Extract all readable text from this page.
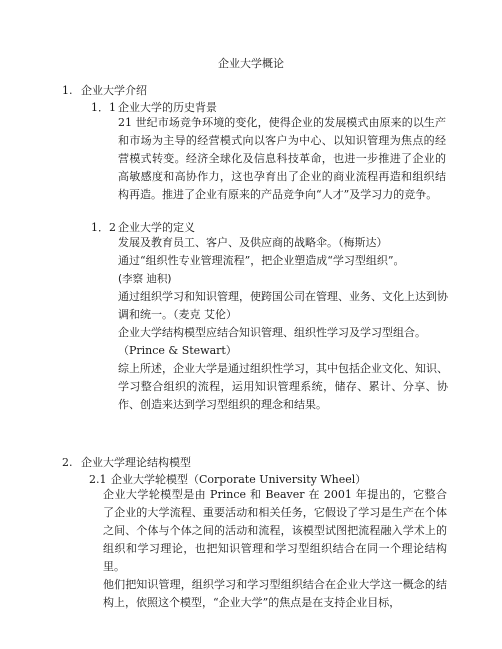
企业大学概论
1. 企业大学介绍
1．1 企业大学的历史背景
21 世纪市场竞争环境的变化，使得企业的发展模式由原来的以生产和市场为主导的经营模式向以客户为中心、以知识管理为焦点的经营模式转变。经济全球化及信息科技革命，也进一步推进了企业的高敏感度和高协作力，这也孕育出了企业的商业流程再造和组织结构再造。推进了企业有原来的产品竞争向“人才”及学习力的竞争。
1．2 企业大学的定义

发展及教育员工、客户、及供应商的战略伞。（梅斯达）

通过“组织性专业管理流程”，把企业塑造成“学习型组织”。

(李察 迪积)

通过组织学习和知识管理，使跨国公司在管理、业务、文化上达到协调和统一。（麦克 艾伦）

企业大学结构模型应结合知识管理、组织性学习及学习型组合。

（Prince & Stewart）

综上所述，企业大学是通过组织性学习，其中包括企业文化、知识、学习整合组织的流程，运用知识管理系统，储存、累计、分享、协作、创造来达到学习型组织的理念和结果。

2. 企业大学理论结构模型
2.1 企业大学轮模型（Corporate University Wheel）

企业大学轮模型是由 Prince 和 Beaver 在 2001 年提出的，它整合了企业的大学流程、重要活动和相关任务，它假设了学习是生产在个体之间、个体与个体之间的活动和流程，该模型试图把流程融入学术上的组织和学习理论，也把知识管理和学习型组织结合在同一个理论结构里。

他们把知识管理，组织学习和学习型组织结合在企业大学这一概念的结构上，依照这个模型，“企业大学”的焦点是在支持企业目标，
